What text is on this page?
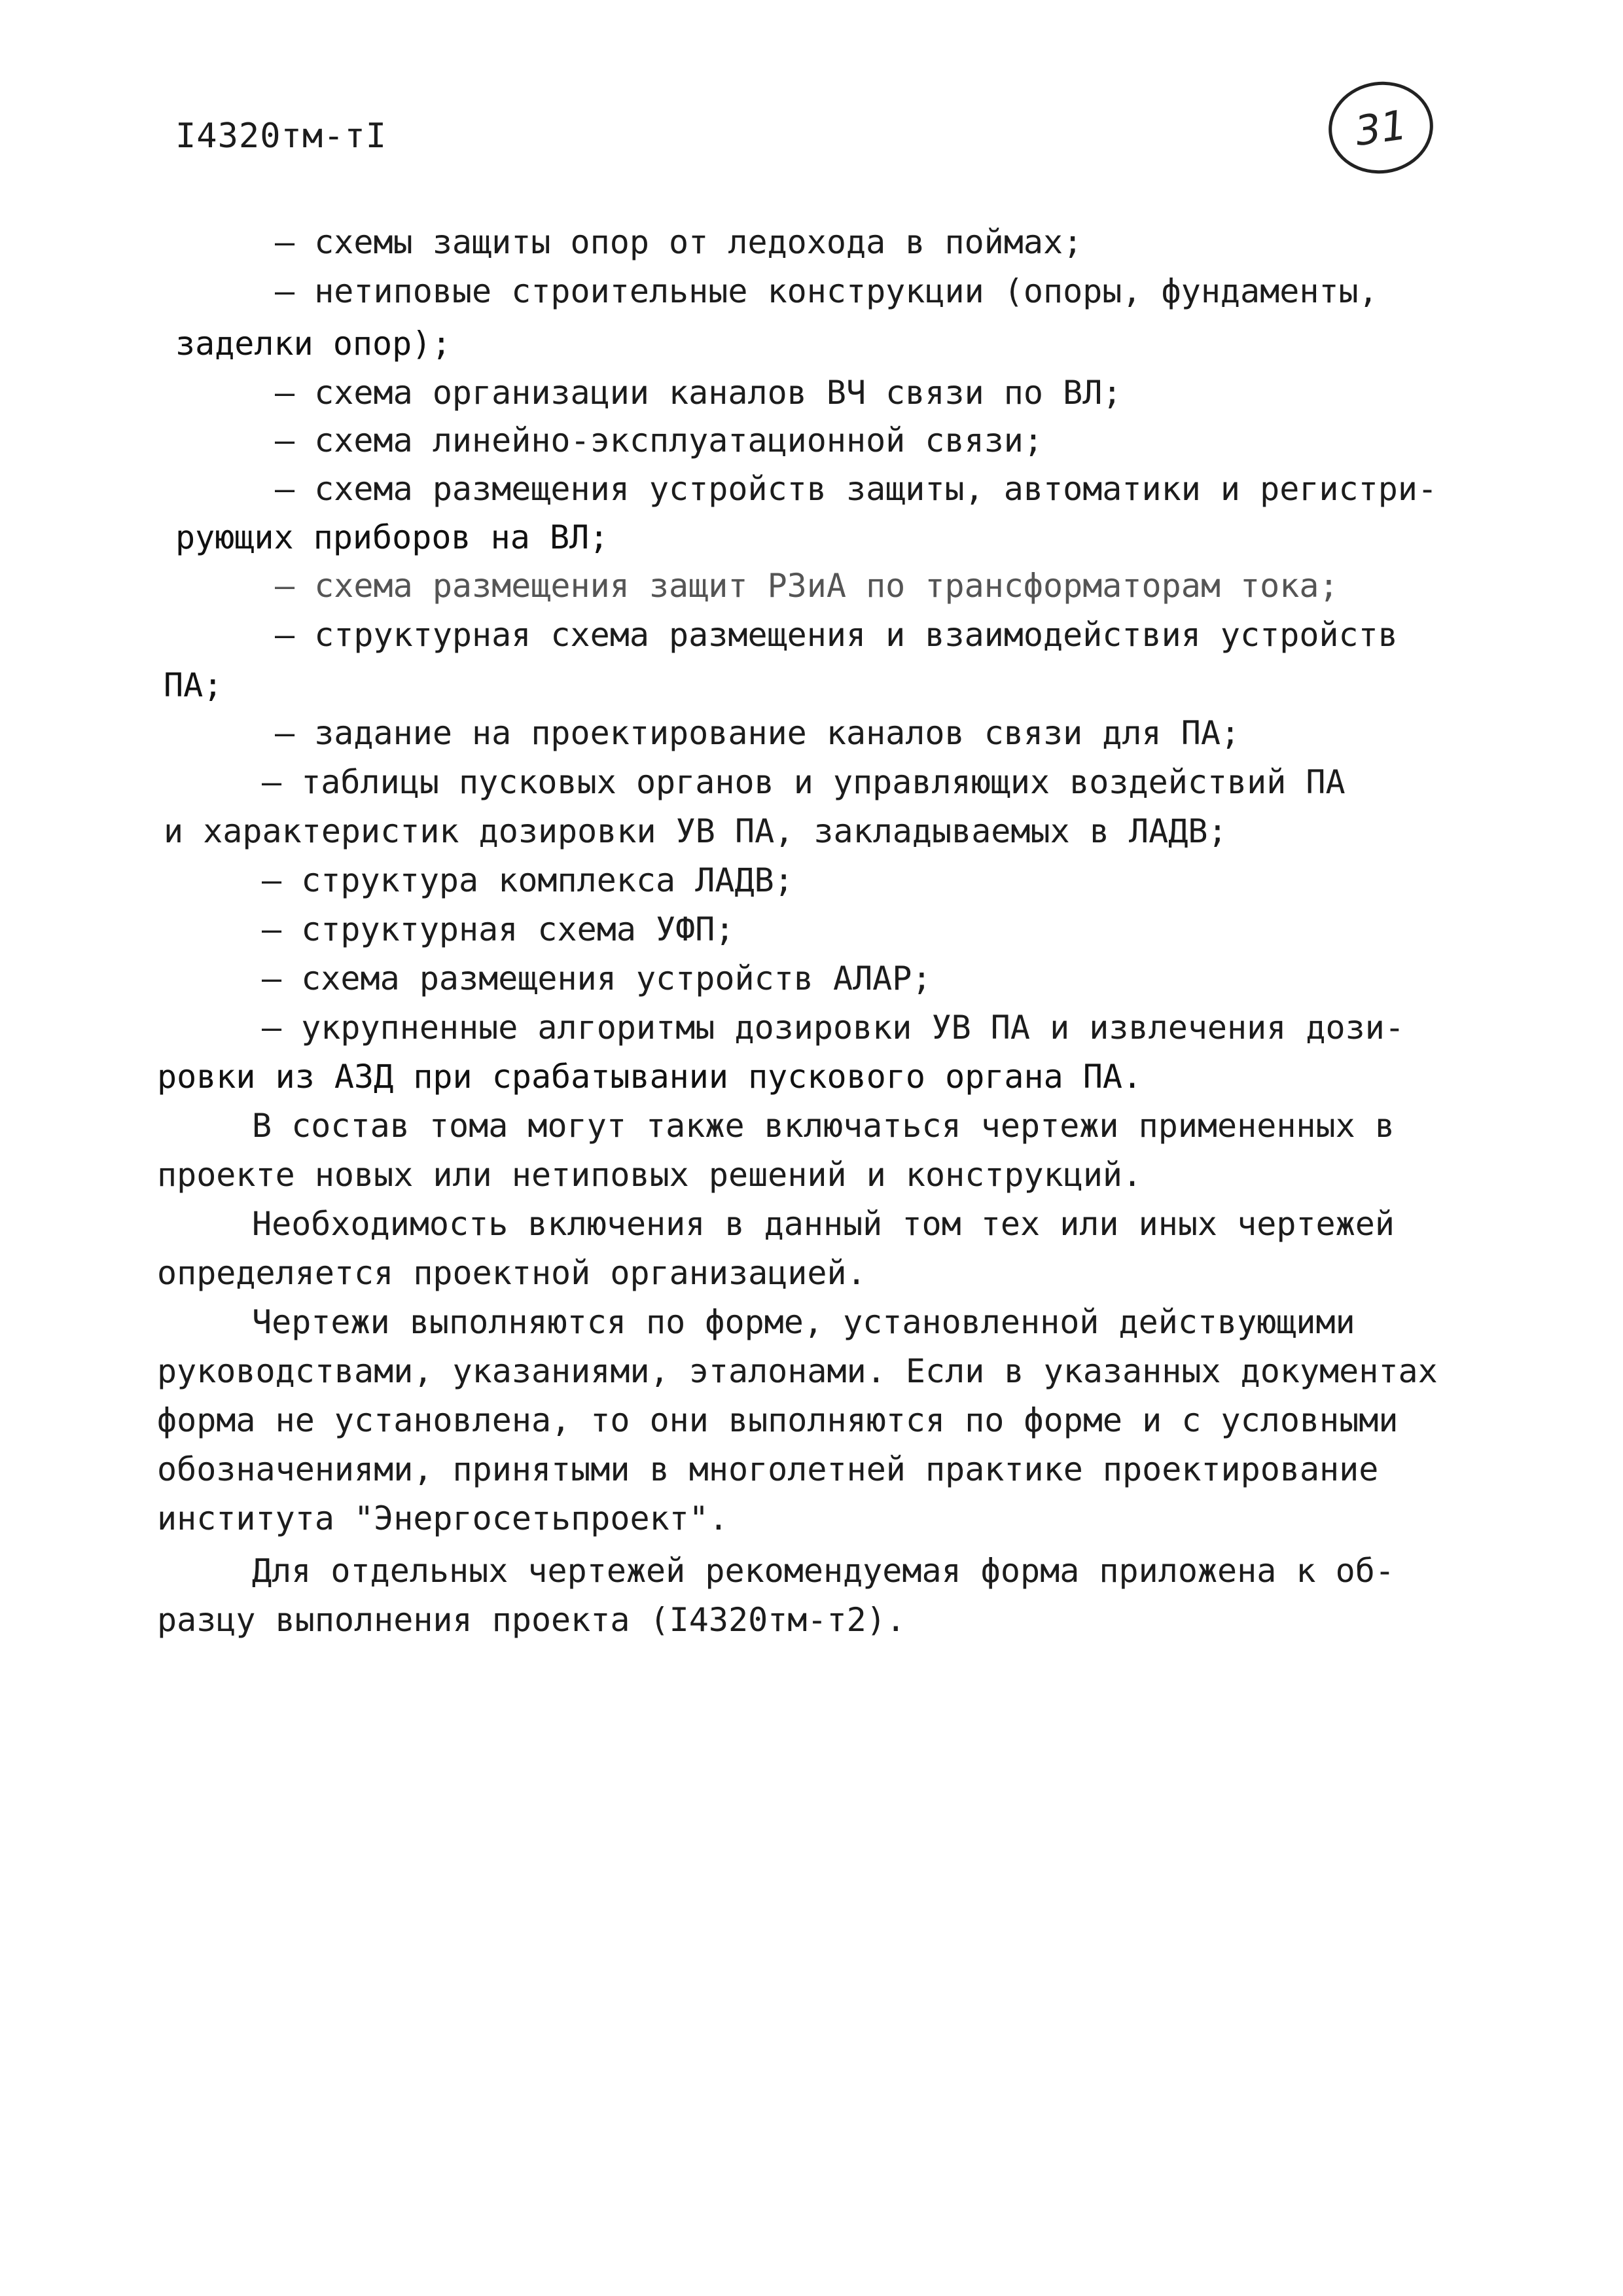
I4320тм-тI	31
– схемы защиты опор от ледохода в поймах;
– нетиповые строительные конструкции (опоры, фундаменты,
заделки опор);
– схема организации каналов ВЧ связи по ВЛ;
– схема линейно-эксплуатационной связи;
– схема размещения устройств защиты, автоматики и регистри-
рующих приборов на ВЛ;
– схема размещения защит РЗиА по трансформаторам тока;
– структурная схема размещения и взаимодействия устройств
ПА;
– задание на проектирование каналов связи для ПА;
– таблицы пусковых органов и управляющих воздействий ПА
и характеристик дозировки УВ ПА, закладываемых в ЛАДВ;
– структура комплекса ЛАДВ;
– структурная схема УФП;
– схема размещения устройств АЛАР;
– укрупненные алгоритмы дозировки УВ ПА и извлечения дози-
ровки из АЗД при срабатывании пускового органа ПА.
В состав тома могут также включаться чертежи примененных в
проекте новых или нетиповых решений и конструкций.
Необходимость включения в данный том тех или иных чертежей
определяется проектной организацией.
Чертежи выполняются по форме, установленной действующими
руководствами, указаниями, эталонами. Если в указанных документах
форма не установлена, то они выполняются по форме и с условными
обозначениями, принятыми в многолетней практике проектирование
института "Энергосетьпроект".
Для отдельных чертежей рекомендуемая форма приложена к об-
разцу выполнения проекта (I4320тм-т2).
